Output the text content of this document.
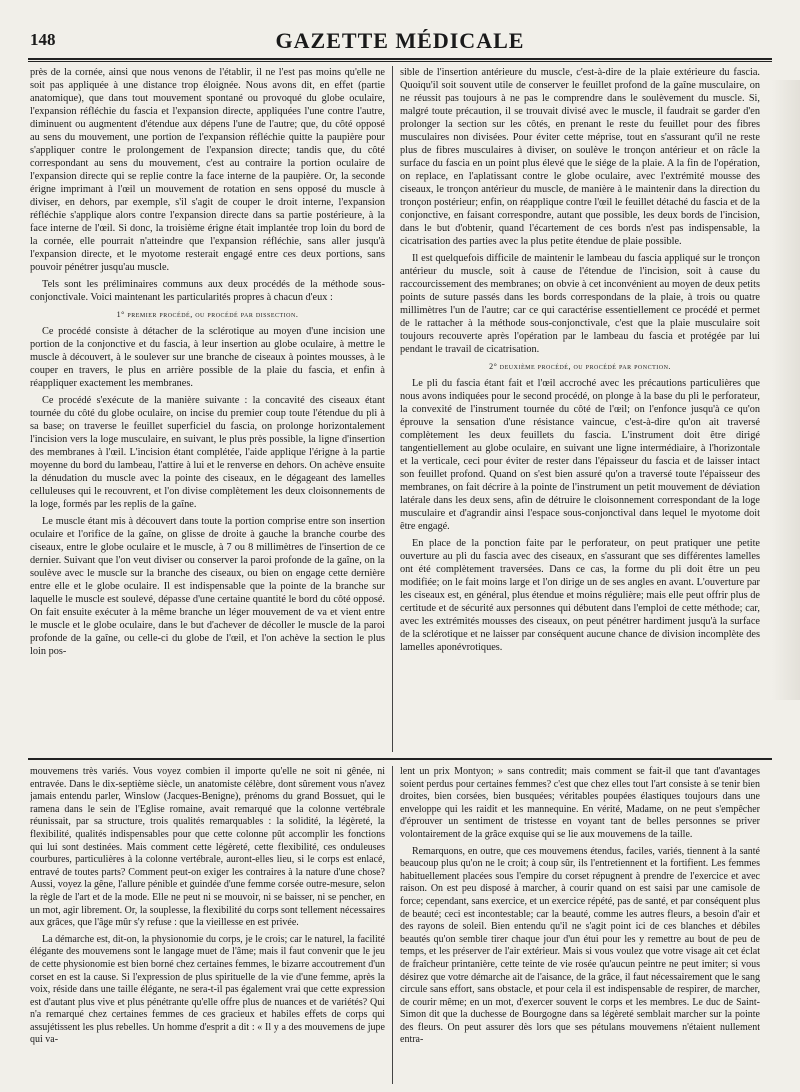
148	GAZETTE MÉDICALE

près de la cornée, ainsi que nous venons de l'établir, il ne l'est pas moins qu'elle ne soit pas appliquée à une distance trop éloignée. Nous avons dit, en effet (partie anatomique), que dans tout mouvement spontané ou provoqué du globe oculaire, l'expansion réfléchie du fascia et l'expansion directe, appliquées l'une contre l'autre, diminuent ou augmentent d'étendue aux dépens l'une de l'autre; que, du côté opposé au sens du mouvement, une portion de l'expansion réfléchie quitte la paupière pour s'appliquer contre le prolongement de l'expansion directe; tandis que, du côté correspondant au sens du mouvement, c'est au contraire la portion oculaire de l'expansion directe qui se replie contre la face interne de la paupière. Or, la seconde érigne imprimant à l'œil un mouvement de rotation en sens opposé du muscle à diviser, en dehors, par exemple, s'il s'agit de couper le droit interne, l'expansion réfléchie s'applique alors contre l'expansion directe dans sa partie postérieure, à la face interne de l'œil. Si donc, la troisième érigne était implantée trop loin du bord de la cornée, elle pourrait n'atteindre que l'expansion réfléchie, sans aller jusqu'à l'expansion directe, et le myotome resterait engagé entre ces deux portions, sans pouvoir pénétrer jusqu'au muscle.

Tels sont les préliminaires communs aux deux procédés de la méthode sous-conjonctivale. Voici maintenant les particularités propres à chacun d'eux :

1° premier procédé, ou procédé par dissection.

Ce procédé consiste à détacher de la sclérotique au moyen d'une incision une portion de la conjonctive et du fascia, à leur insertion au globe oculaire, à mettre le muscle à découvert, à le soulever sur une branche de ciseaux à pointes mousses, à le couper en travers, le plus en arrière possible de la plaie du fascia, et enfin à réappliquer exactement les membranes.

Ce procédé s'exécute de la manière suivante : la concavité des ciseaux étant tournée du côté du globe oculaire, on incise du premier coup toute l'étendue du pli à sa base; on traverse le feuillet superficiel du fascia, on prolonge horizontalement l'incision vers la loge musculaire, en suivant, le plus près possible, la ligne d'insertion des membranes à l'œil. L'incision étant complétée, l'aide applique l'érigne à la partie moyenne du bord du lambeau, l'attire à lui et le renverse en dehors. On achève ensuite la dénudation du muscle avec la pointe des ciseaux, en le dégageant des lamelles celluleuses qui le recouvrent, et l'on divise complètement les deux cloisonnements de la loge, formés par les replis de la gaîne.

Le muscle étant mis à découvert dans toute la portion comprise entre son insertion oculaire et l'orifice de la gaîne, on glisse de droite à gauche la branche courbe des ciseaux, entre le globe oculaire et le muscle, à 7 ou 8 millimètres de l'insertion de ce dernier. Suivant que l'on veut diviser ou conserver la paroi profonde de la gaîne, on la soulève avec le muscle sur la branche des ciseaux, ou bien on engage cette dernière entre elle et le globe oculaire. Il est indispensable que la pointe de la branche sur laquelle le muscle est soulevé, dépasse d'une certaine quantité le bord du côté opposé. On fait ensuite exécuter à la même branche un léger mouvement de va et vient entre le muscle et le globe oculaire, dans le but d'achever de décoller le muscle de la paroi profonde de la gaîne, ou celle-ci du globe de l'œil, et l'on achève la section le plus loin pos-

sible de l'insertion antérieure du muscle, c'est-à-dire de la plaie extérieure du fascia. Quoiqu'il soit souvent utile de conserver le feuillet profond de la gaîne musculaire, on ne réussit pas toujours à ne pas le comprendre dans le soulèvement du muscle. Si, malgré toute précaution, il se trouvait divisé avec le muscle, il faudrait se garder d'en prolonger la section sur les côtés, en prenant le reste du feuillet pour des fibres musculaires non divisées. Pour éviter cette méprise, tout en s'assurant qu'il ne reste plus de fibres musculaires à diviser, on soulève le tronçon antérieur et on râcle la surface du fascia en un point plus élevé que le siége de la plaie. A la fin de l'opération, on replace, en l'aplatissant contre le globe oculaire, avec l'extrémité mousse des ciseaux, le tronçon antérieur du muscle, de manière à le maintenir dans la direction du tronçon postérieur; enfin, on réapplique contre l'œil le feuillet détaché du fascia et de la conjonctive, en faisant correspondre, autant que possible, les deux bords de l'incision, dans le but d'obtenir, quand l'écartement de ces bords n'est pas indispensable, la cicatrisation des parties avec la plus petite étendue de plaie possible.

Il est quelquefois difficile de maintenir le lambeau du fascia appliqué sur le tronçon antérieur du muscle, soit à cause de l'étendue de l'incision, soit à cause du raccourcissement des membranes; on obvie à cet inconvénient au moyen de deux petits points de suture passés dans les bords correspondans de la plaie, à trois ou quatre millimètres l'un de l'autre; car ce qui caractérise essentiellement ce procédé et permet de le rattacher à la méthode sous-conjonctivale, c'est que la plaie musculaire soit toujours recouverte après l'opération par le lambeau du fascia et protégée par lui pendant le travail de cicatrisation.

2° deuxième procédé, ou procédé par ponction.

Le pli du fascia étant fait et l'œil accroché avec les précautions particulières que nous avons indiquées pour le second procédé, on plonge à la base du pli le perforateur, la convexité de l'instrument tournée du côté de l'œil; on l'enfonce jusqu'à ce qu'on éprouve la sensation d'une résistance vaincue, c'est-à-dire qu'on ait traversé complètement les deux feuillets du fascia. L'instrument doit être dirigé tangentiellement au globe oculaire, en suivant une ligne intermédiaire, à l'horizontale et la verticale, ceci pour éviter de rester dans l'épaisseur du fascia et de laisser intact son feuillet profond. Quand on s'est bien assuré qu'on a traversé toute l'épaisseur des membranes, on fait décrire à la pointe de l'instrument un petit mouvement de déviation latérale dans les deux sens, afin de détruire le cloisonnement correspondant de la loge musculaire et d'agrandir ainsi l'espace sous-conjonctival dans lequel le myotome doit être engagé.

En place de la ponction faite par le perforateur, on peut pratiquer une petite ouverture au pli du fascia avec des ciseaux, en s'assurant que ses différentes lamelles ont été complètement traversées. Dans ce cas, la forme du pli doit être un peu modifiée; on le fait moins large et l'on dirige un de ses angles en avant. L'ouverture par les ciseaux est, en général, plus étendue et moins régulière; mais elle peut offrir plus de certitude et de sécurité aux personnes qui débutent dans l'emploi de cette méthode; car, avec les extrémités mousses des ciseaux, on peut pénétrer hardiment jusqu'à la surface de la sclérotique et ne laisser par conséquent aucune chance de division incomplète des lamelles aponévrotiques.

mouvemens très variés. Vous voyez combien il importe qu'elle ne soit ni gênée, ni entravée. Dans le dix-septième siècle, un anatomiste célèbre, dont sûrement vous n'avez jamais entendu parler, Winslow (Jacques-Benigne), prénoms du grand Bossuet, qui le ramena dans le sein de l'Eglise romaine, avait remarqué que la colonne vertébrale réunissait, par sa structure, trois qualités remarquables : la solidité, la légèreté, la flexibilité, qualités indispensables pour que cette colonne pût accomplir les fonctions qui lui sont destinées. Mais comment cette légèreté, cette flexibilité, ces onduleuses courbures, particulières à la colonne vertébrale, auront-elles lieu, si le corps est enlacé, entravé de toutes parts? Comment peut-on exiger les contraires à la nature d'une chose? Aussi, voyez la gêne, l'allure pénible et guindée d'une femme corsée outre-mesure, selon la règle de l'art et de la mode. Elle ne peut ni se mouvoir, ni se baisser, ni se pencher, en un mot, agir librement. Or, la souplesse, la flexibilité du corps sont tellement nécessaires aux grâces, que l'âge mûr s'y refuse : que la vieillesse en est privée.

La démarche est, dit-on, la physionomie du corps, je le crois; car le naturel, la facilité élégante des mouvemens sont le langage muet de l'âme; mais il faut convenir que le jeu de cette physionomie est bien borné chez certaines femmes, le bizarre accoutrement d'un corset en est la cause. Si l'expression de plus spirituelle de la vie d'une femme, après la voix, réside dans une taille élégante, ne sera-t-il pas également vrai que cette expression est d'autant plus vive et plus pénétrante qu'elle offre plus de nuances et de variétés? Qui n'a remarqué chez certaines femmes de ces gracieux et habiles effets de corps qui assujétissent les plus rebelles. Un homme d'esprit a dit : « Il y a des mouvemens de jupe qui va-

lent un prix Montyon; » sans contredit; mais comment se fait-il que tant d'avantages soient perdus pour certaines femmes? c'est que chez elles tout l'art consiste à se tenir bien droites, bien corsées, bien busquées; véritables poupées élastiques toujours dans une enveloppe qui les raidit et les mannequine. En vérité, Madame, on ne peut s'empêcher d'éprouver un sentiment de tristesse en voyant tant de belles personnes se priver volontairement de la grâce exquise qui se lie aux mouvemens de la taille.

Remarquons, en outre, que ces mouvemens étendus, faciles, variés, tiennent à la santé beaucoup plus qu'on ne le croit; à coup sûr, ils l'entretiennent et la fortifient. Les femmes habituellement placées sous l'empire du corset répugnent à prendre de l'exercice et avec raison. On est peu disposé à marcher, à courir quand on est saisi par une camisole de force; cependant, sans exercice, et un exercice répété, pas de santé, et par conséquent plus de beauté; ceci est incontestable; car la beauté, comme les autres fleurs, a besoin d'air et des rayons de soleil. Bien entendu qu'il ne s'agit point ici de ces blanches et débiles beautés qu'on semble tirer chaque jour d'un étui pour les y remettre au bout de peu de temps, et les préserver de l'air extérieur. Mais si vous voulez que votre visage ait cet éclat de fraîcheur printanière, cette teinte de vie rosée qu'aucun peintre ne peut imiter; si vous désirez que votre démarche ait de l'aisance, de la grâce, il faut nécessairement que le sang circule sans effort, sans obstacle, et pour cela il est indispensable de respirer, de marcher, de courir même; en un mot, d'exercer souvent le corps et les membres. Le duc de Saint-Simon dit que la duchesse de Bourgogne dans sa légèreté semblait marcher sur la pointe des fleurs. On peut assurer dès lors que ses pétulans mouvemens n'étaient nullement entra-
